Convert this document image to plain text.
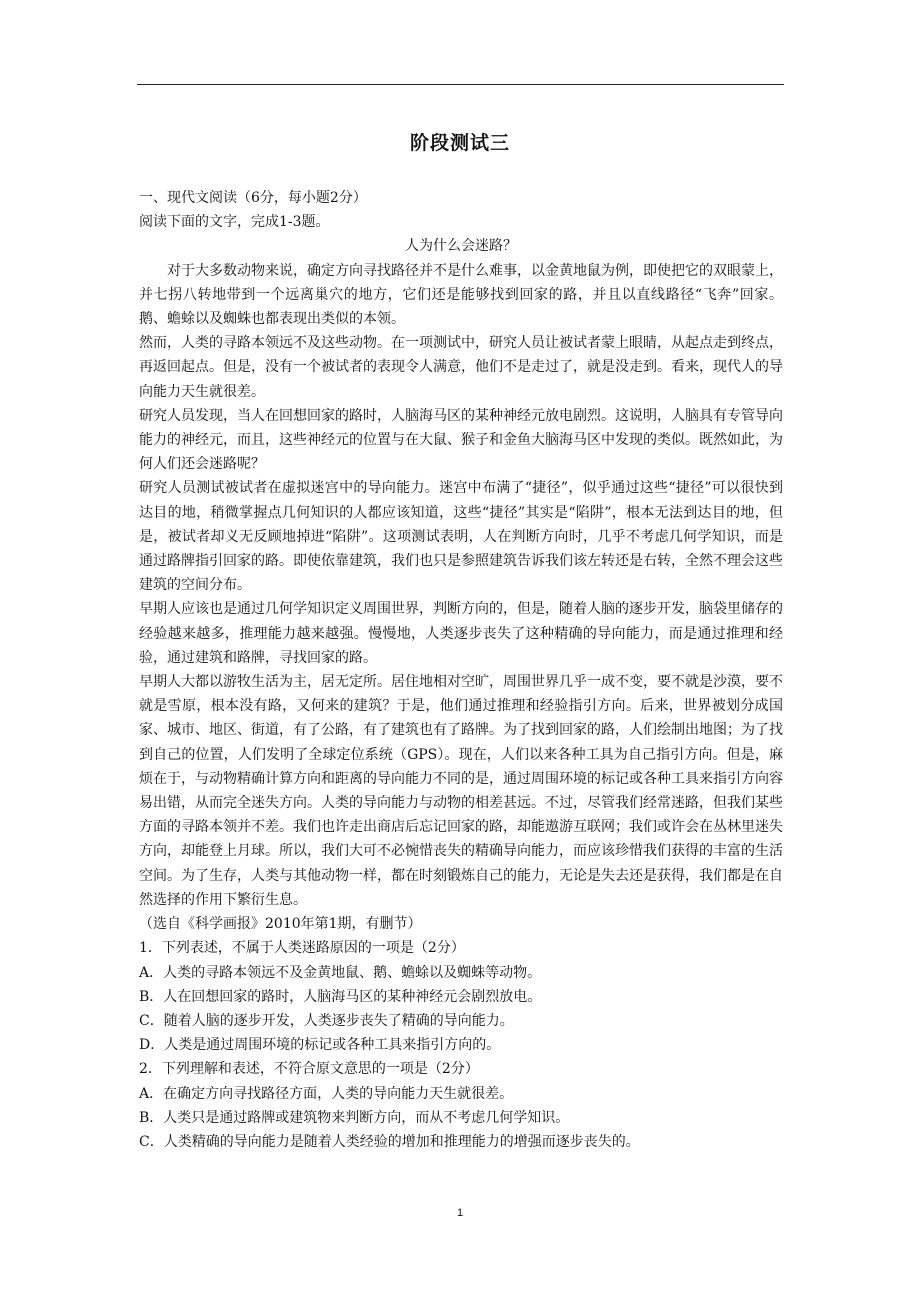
阶段测试三

一、现代文阅读（6分，每小题2分）

阅读下面的文字，完成1-3题。

人为什么会迷路？

对于大多数动物来说，确定方向寻找路径并不是什么难事，以金黄地鼠为例，即使把它的双眼蒙上，并七拐八转地带到一个远离巢穴的地方，它们还是能够找到回家的路，并且以直线路径“飞奔”回家。鹅、蟾蜍以及蜘蛛也都表现出类似的本领。

然而，人类的寻路本领远不及这些动物。在一项测试中，研究人员让被试者蒙上眼睛，从起点走到终点，再返回起点。但是，没有一个被试者的表现令人满意，他们不是走过了，就是没走到。看来，现代人的导向能力天生就很差。

研究人员发现，当人在回想回家的路时，人脑海马区的某种神经元放电剧烈。这说明，人脑具有专管导向能力的神经元，而且，这些神经元的位置与在大鼠、猴子和金鱼大脑海马区中发现的类似。既然如此，为何人们还会迷路呢？

研究人员测试被试者在虚拟迷宫中的导向能力。迷宫中布满了“捷径”，似乎通过这些“捷径”可以很快到达目的地，稍微掌握点几何知识的人都应该知道，这些“捷径”其实是“陷阱”，根本无法到达目的地，但是，被试者却义无反顾地掉进“陷阱”。这项测试表明，人在判断方向时，几乎不考虑几何学知识，而是通过路牌指引回家的路。即使依靠建筑，我们也只是参照建筑告诉我们该左转还是右转，全然不理会这些建筑的空间分布。

早期人应该也是通过几何学知识定义周围世界，判断方向的，但是，随着人脑的逐步开发，脑袋里储存的经验越来越多，推理能力越来越强。慢慢地，人类逐步丧失了这种精确的导向能力，而是通过推理和经验，通过建筑和路牌，寻找回家的路。

早期人大都以游牧生活为主，居无定所。居住地相对空旷，周围世界几乎一成不变，要不就是沙漠，要不就是雪原，根本没有路，又何来的建筑？于是，他们通过推理和经验指引方向。后来，世界被划分成国家、城市、地区、街道，有了公路，有了建筑也有了路牌。为了找到回家的路，人们绘制出地图；为了找到自己的位置，人们发明了全球定位系统（GPS）。现在，人们以来各种工具为自己指引方向。但是，麻烦在于，与动物精确计算方向和距离的导向能力不同的是，通过周围环境的标记或各种工具来指引方向容易出错，从而完全迷失方向。人类的导向能力与动物的相差甚远。不过，尽管我们经常迷路，但我们某些方面的寻路本领并不差。我们也许走出商店后忘记回家的路，却能遨游互联网；我们或许会在丛林里迷失方向，却能登上月球。所以，我们大可不必惋惜丧失的精确导向能力，而应该珍惜我们获得的丰富的生活空间。为了生存，人类与其他动物一样，都在时刻锻炼自己的能力，无论是失去还是获得，我们都是在自然选择的作用下繁衍生息。

（选自《科学画报》2010年第1期，有删节）

1．下列表述，不属于人类迷路原因的一项是（2分）

A．人类的寻路本领远不及金黄地鼠、鹅、蟾蜍以及蜘蛛等动物。

B．人在回想回家的路时，人脑海马区的某种神经元会剧烈放电。

C．随着人脑的逐步开发，人类逐步丧失了精确的导向能力。

D．人类是通过周围环境的标记或各种工具来指引方向的。

2．下列理解和表述，不符合原文意思的一项是（2分）

A．在确定方向寻找路径方面，人类的导向能力天生就很差。

B．人类只是通过路牌或建筑物来判断方向，而从不考虑几何学知识。

C．人类精确的导向能力是随着人类经验的增加和推理能力的增强而逐步丧失的。

1
